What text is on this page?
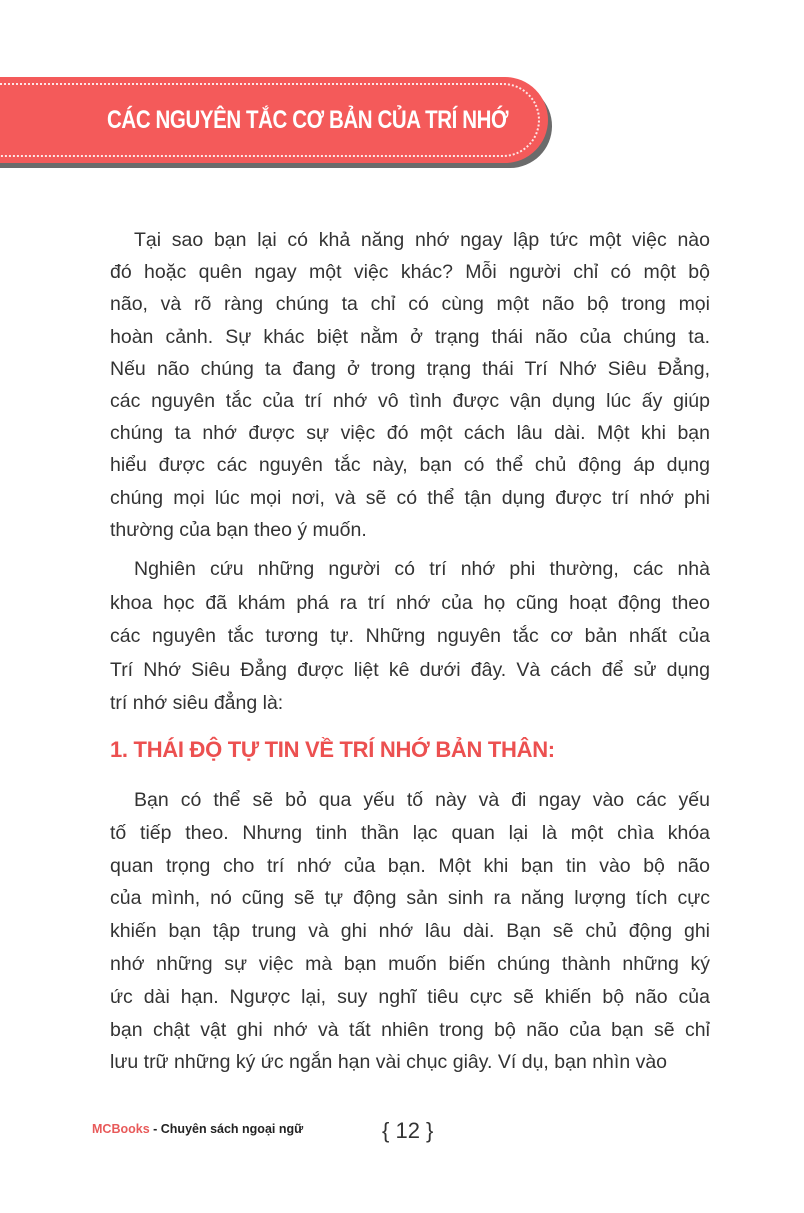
CÁC NGUYÊN TẮC CƠ BẢN CỦA TRÍ NHỚ
Tại sao bạn lại có khả năng nhớ ngay lập tức một việc nào
đó hoặc quên ngay một việc khác? Mỗi người chỉ có một bộ
não, và rõ ràng chúng ta chỉ có cùng một não bộ trong mọi
hoàn cảnh. Sự khác biệt nằm ở trạng thái não của chúng ta.
Nếu não chúng ta đang ở trong trạng thái Trí Nhớ Siêu Đẳng,
các nguyên tắc của trí nhớ vô tình được vận dụng lúc ấy giúp
chúng ta nhớ được sự việc đó một cách lâu dài. Một khi bạn
hiểu được các nguyên tắc này, bạn có thể chủ động áp dụng
chúng mọi lúc mọi nơi, và sẽ có thể tận dụng được trí nhớ phi
thường của bạn theo ý muốn.
Nghiên cứu những người có trí nhớ phi thường, các nhà
khoa học đã khám phá ra trí nhớ của họ cũng hoạt động theo
các nguyên tắc tương tự. Những nguyên tắc cơ bản nhất của
Trí Nhớ Siêu Đẳng được liệt kê dưới đây. Và cách để sử dụng
trí nhớ siêu đẳng là:
1. THÁI ĐỘ TỰ TIN VỀ TRÍ NHỚ BẢN THÂN:
Bạn có thể sẽ bỏ qua yếu tố này và đi ngay vào các yếu
tố tiếp theo. Nhưng tinh thần lạc quan lại là một chìa khóa
quan trọng cho trí nhớ của bạn. Một khi bạn tin vào bộ não
của mình, nó cũng sẽ tự động sản sinh ra năng lượng tích cực
khiến bạn tập trung và ghi nhớ lâu dài. Bạn sẽ chủ động ghi
nhớ những sự việc mà bạn muốn biến chúng thành những ký
ức dài hạn. Ngược lại, suy nghĩ tiêu cực sẽ khiến bộ não của
bạn chật vật ghi nhớ và tất nhiên trong bộ não của bạn sẽ chỉ
lưu trữ những ký ức ngắn hạn vài chục giây. Ví dụ, bạn nhìn vào
MCBooks - Chuyên sách ngoại ngữ	{ 12 }
